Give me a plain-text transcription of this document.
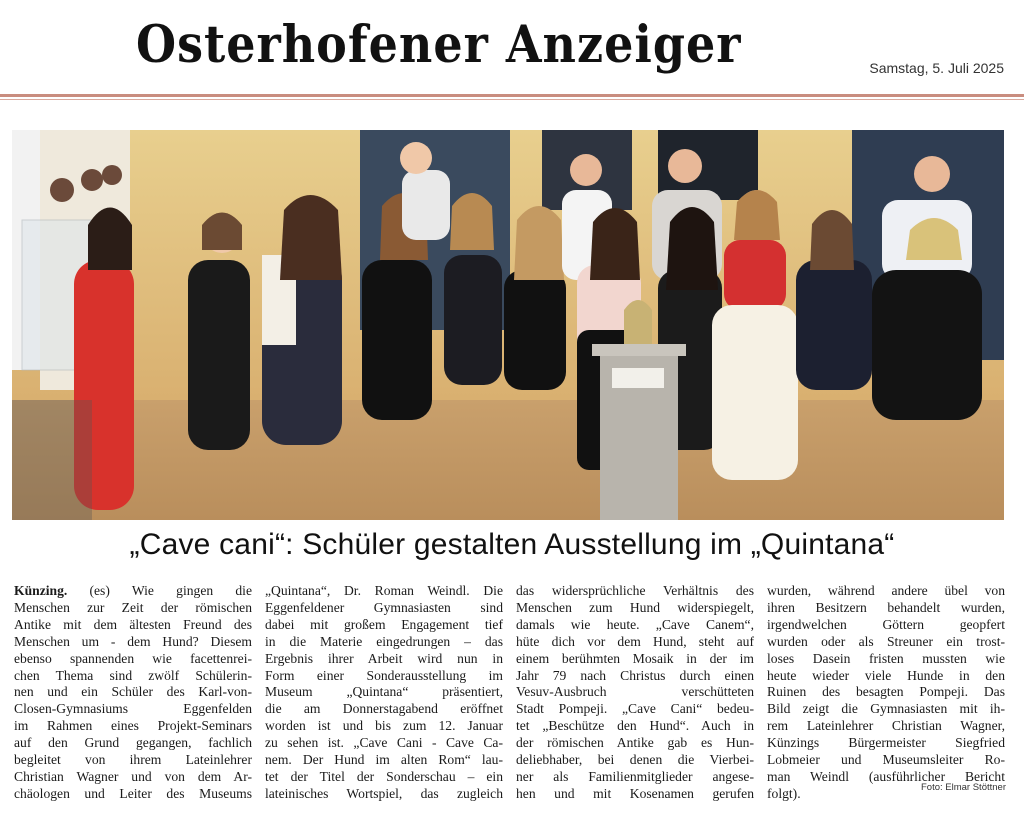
Osterhofener Anzeiger	Samstag, 5. Juli 2025
„Cave cani“: Schüler gestalten Ausstellung im „Quintana“
Künzing. (es) Wie gingen die
Menschen zur Zeit der römischen
Antike mit dem ältesten Freund des
Menschen um - dem Hund? Diesem
ebenso spannenden wie facettenrei-
chen Thema sind zwölf Schülerin-
nen und ein Schüler des Karl-von-
Closen-Gymnasiums Eggenfelden
im Rahmen eines Projekt-Seminars
auf den Grund gegangen, fachlich
begleitet von ihrem Lateinlehrer
Christian Wagner und von dem Ar-
chäologen und Leiter des Museums
„Quintana“, Dr. Roman Weindl. Die
Eggenfeldener Gymnasiasten sind
dabei mit großem Engagement tief
in die Materie eingedrungen – das
Ergebnis ihrer Arbeit wird nun in
Form einer Sonderausstellung im
Museum „Quintana“ präsentiert,
die am Donnerstagabend eröffnet
worden ist und bis zum 12. Januar
zu sehen ist. „Cave Cani - Cave Ca-
nem. Der Hund im alten Rom“ lau-
tet der Titel der Sonderschau – ein
lateinisches Wortspiel, das zugleich
das widersprüchliche Verhältnis des
Menschen zum Hund widerspiegelt,
damals wie heute. „Cave Canem“,
hüte dich vor dem Hund, steht auf
einem berühmten Mosaik in der im
Jahr 79 nach Christus durch einen
Vesuv-Ausbruch verschütteten
Stadt Pompeji. „Cave Cani“ bedeu-
tet „Beschütze den Hund“. Auch in
der römischen Antike gab es Hun-
deliebhaber, bei denen die Vierbei-
ner als Familienmitglieder angese-
hen und mit Kosenamen gerufen
wurden, während andere übel von
ihren Besitzern behandelt wurden,
irgendwelchen Göttern geopfert
wurden oder als Streuner ein trost-
loses Dasein fristen mussten wie
heute wieder viele Hunde in den
Ruinen des besagten Pompeji. Das
Bild zeigt die Gymnasiasten mit ih-
rem Lateinlehrer Christian Wagner,
Künzings Bürgermeister Siegfried
Lobmeier und Museumsleiter Ro-
man Weindl (ausführlicher Bericht
folgt).	Foto: Elmar Stöttner
